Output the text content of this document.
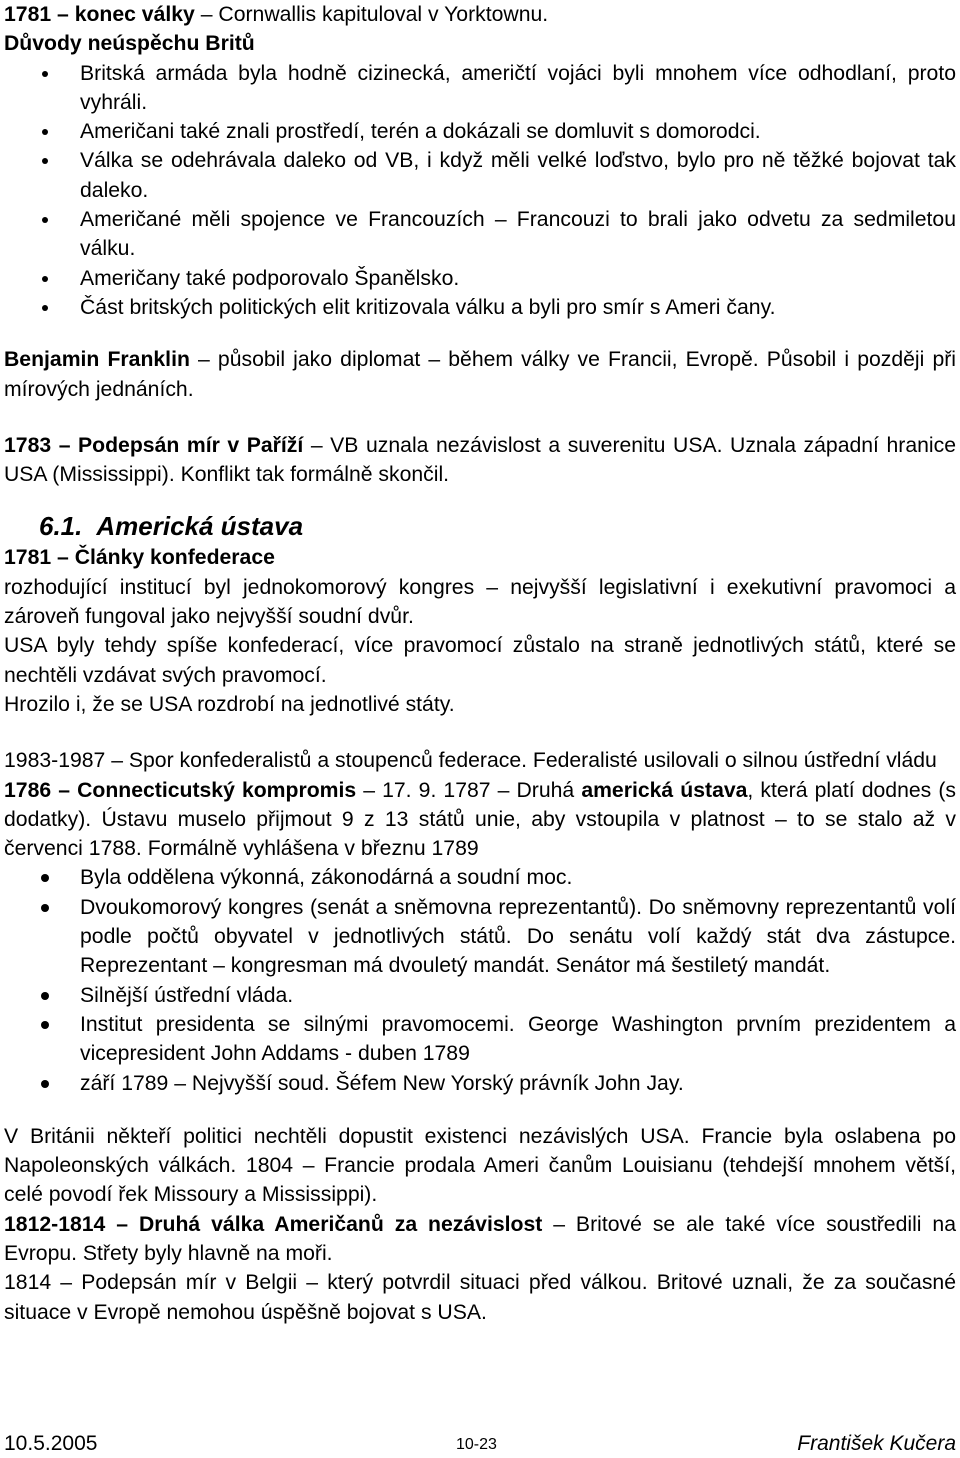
1781 – konec války – Cornwallis kapituloval v Yorktownu.

Důvody neúspěchu Britů

Britská armáda byla hodně cizinecká, američtí vojáci byli mnohem více odhodlaní, proto vyhráli.
Američani také znali prostředí, terén a dokázali se domluvit s domorodci.
Válka se odehrávala daleko od VB, i když měli velké loďstvo, bylo pro ně těžké bojovat tak daleko.
Američané měli spojence ve Francouzích – Francouzi to brali jako odvetu za sedmiletou válku.
Američany také podporovalo Španělsko.
Část britských politických elit kritizovala válku a byli pro smír s Ameri čany.

Benjamin Franklin – působil jako diplomat – během války ve Francii, Evropě. Působil i později při mírových jednáních.

1783 – Podepsán mír v Paříží – VB uznala nezávislost a suverenitu USA. Uznala západní hranice USA (Mississippi). Konflikt tak formálně skončil.

6.1. Americká ústava

1781 – Články konfederace

rozhodující institucí byl jednokomorový kongres – nejvyšší legislativní i exekutivní pravomoci a zároveň fungoval jako nejvyšší soudní dvůr.

USA byly tehdy spíše konfederací, více pravomocí zůstalo na straně jednotlivých států, které se nechtěli vzdávat svých pravomocí.

Hrozilo i, že se USA rozdrobí na jednotlivé státy.

1983-1987 – Spor konfederalistů a stoupenců federace. Federalisté usilovali o silnou ústřední vládu

1786 – Connecticutský kompromis – 17. 9. 1787 – Druhá americká ústava, která platí dodnes (s dodatky). Ústavu muselo přijmout 9 z 13 států unie, aby vstoupila v platnost – to se stalo až v červenci 1788. Formálně vyhlášena v březnu 1789

Byla oddělena výkonná, zákonodárná a soudní moc.
Dvoukomorový kongres (senát a sněmovna reprezentantů). Do sněmovny reprezentantů volí podle počtů obyvatel v jednotlivých států. Do senátu volí každý stát dva zástupce. Reprezentant – kongresman má dvouletý mandát. Senátor má šestiletý mandát.
Silnější ústřední vláda.
Institut presidenta se silnými pravomocemi. George Washington prvním prezidentem a vicepresident John Addams - duben 1789
září 1789 – Nejvyšší soud. Šéfem New Yorský právník John Jay.

V Británii někteří politici nechtěli dopustit existenci nezávislých USA. Francie byla oslabena po Napoleonských válkách. 1804 – Francie prodala Ameri čanům Louisianu (tehdejší mnohem větší, celé povodí řek Missoury a Mississippi).

1812-1814 – Druhá válka Američanů za nezávislost – Britové se ale také více soustředili na Evropu. Střety byly hlavně na moři.

1814 – Podepsán mír v Belgii – který potvrdil situaci před válkou. Britové uznali, že za současné situace v Evropě nemohou úspěšně bojovat s USA.

10.5.2005	10-23	František Kučera
